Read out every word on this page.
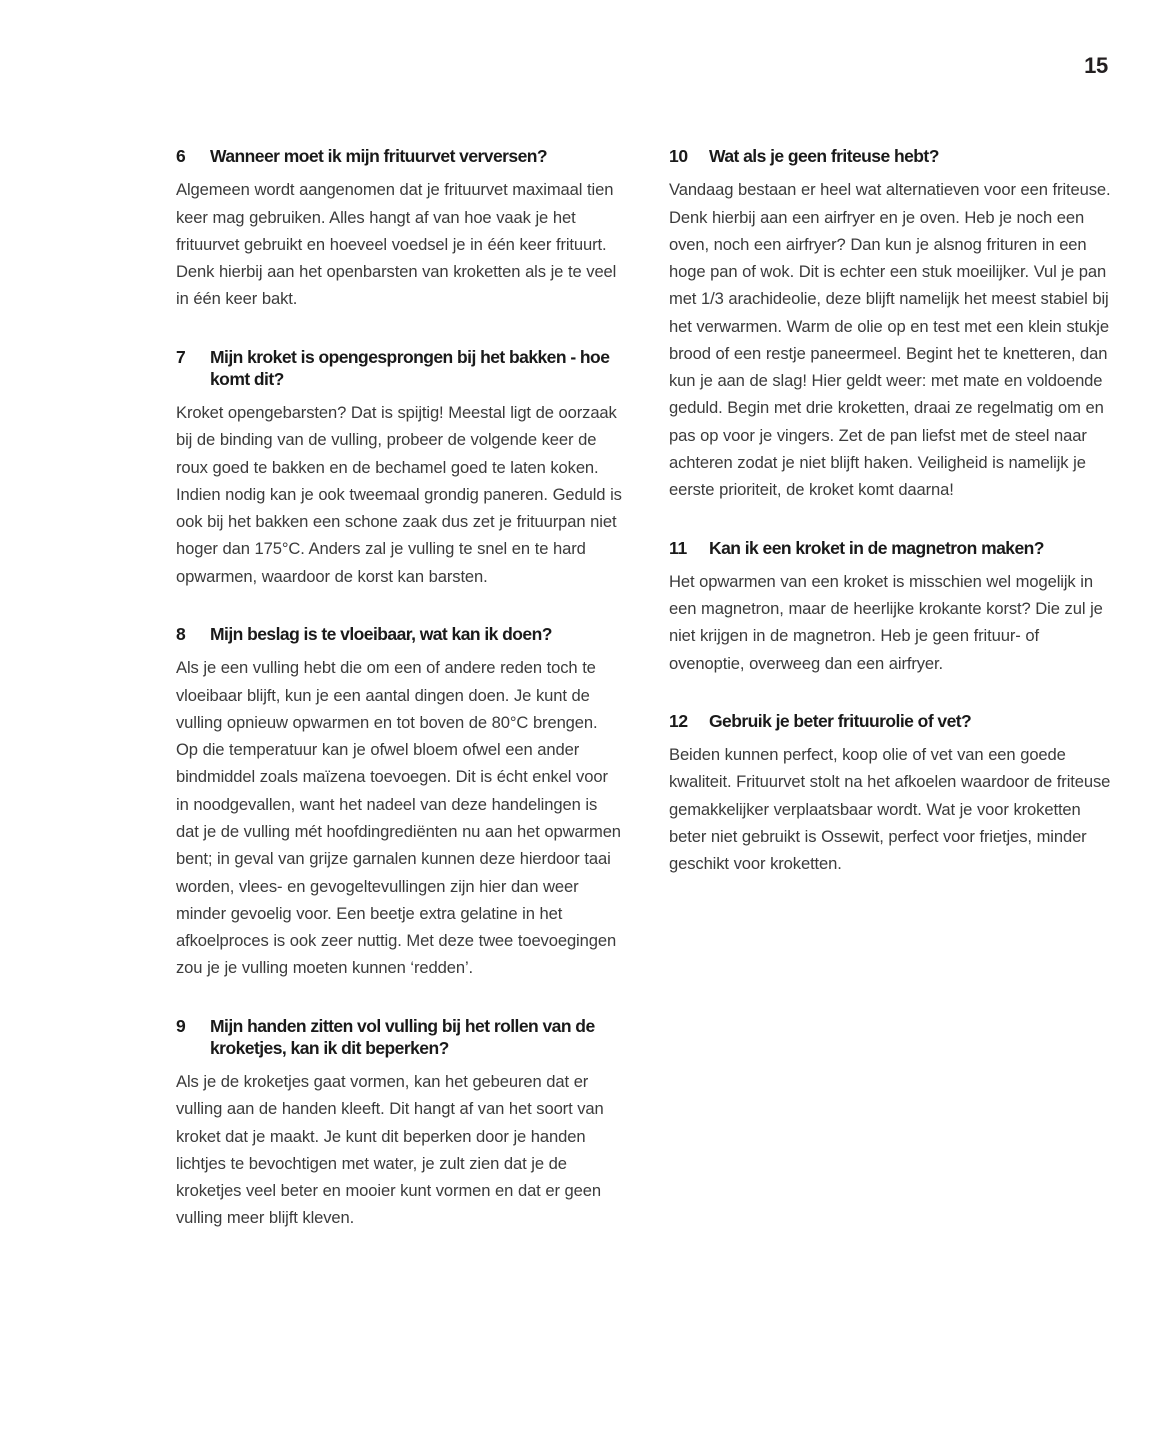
15
6	Wanneer moet ik mijn frituurvet verversen?

Algemeen wordt aangenomen dat je frituurvet maximaal tien keer mag gebruiken. Alles hangt af van hoe vaak je het frituurvet gebruikt en hoeveel voedsel je in één keer frituurt. Denk hierbij aan het openbarsten van kroketten als je te veel in één keer bakt.

7	Mijn kroket is opengesprongen bij het bakken - hoe komt dit?

Kroket opengebarsten? Dat is spijtig! Meestal ligt de oorzaak bij de binding van de vulling, probeer de volgende keer de roux goed te bakken en de bechamel goed te laten koken. Indien nodig kan je ook tweemaal grondig paneren. Geduld is ook bij het bakken een schone zaak dus zet je frituurpan niet hoger dan 175°C. Anders zal je vulling te snel en te hard opwarmen, waardoor de korst kan barsten.

8	Mijn beslag is te vloeibaar, wat kan ik doen?

Als je een vulling hebt die om een of andere reden toch te vloeibaar blijft, kun je een aantal dingen doen. Je kunt de vulling opnieuw opwarmen en tot boven de 80°C brengen. Op die temperatuur kan je ofwel bloem ofwel een ander bindmiddel zoals maïzena toevoegen. Dit is écht enkel voor in noodgevallen, want het nadeel van deze handelingen is dat je de vulling mét hoofdingrediënten nu aan het opwarmen bent; in geval van grijze garnalen kunnen deze hierdoor taai worden, vlees- en gevogeltevullingen zijn hier dan weer minder gevoelig voor. Een beetje extra gelatine in het afkoelproces is ook zeer nuttig. Met deze twee toevoegingen zou je je vulling moeten kunnen ‘redden’.

9	Mijn handen zitten vol vulling bij het rollen van de kroketjes, kan ik dit beperken?

Als je de kroketjes gaat vormen, kan het gebeuren dat er vulling aan de handen kleeft. Dit hangt af van het soort van kroket dat je maakt. Je kunt dit beperken door je handen lichtjes te bevochtigen met water, je zult zien dat je de kroketjes veel beter en mooier kunt vormen en dat er geen vulling meer blijft kleven.

10	Wat als je geen friteuse hebt?

Vandaag bestaan er heel wat alternatieven voor een friteuse. Denk hierbij aan een airfryer en je oven. Heb je noch een oven, noch een airfryer? Dan kun je alsnog frituren in een hoge pan of wok. Dit is echter een stuk moeilijker. Vul je pan met 1/3 arachideolie, deze blijft namelijk het meest stabiel bij het verwarmen. Warm de olie op en test met een klein stukje brood of een restje paneermeel. Begint het te knetteren, dan kun je aan de slag! Hier geldt weer: met mate en voldoende geduld. Begin met drie kroketten, draai ze regelmatig om en pas op voor je vingers. Zet de pan liefst met de steel naar achteren zodat je niet blijft haken. Veiligheid is namelijk je eerste prioriteit, de kroket komt daarna!

11	Kan ik een kroket in de magnetron maken?

Het opwarmen van een kroket is misschien wel mogelijk in een magnetron, maar de heerlijke krokante korst? Die zul je niet krijgen in de magnetron. Heb je geen frituur- of ovenoptie, overweeg dan een airfryer.

12	Gebruik je beter frituurolie of vet?

Beiden kunnen perfect, koop olie of vet van een goede kwaliteit. Frituurvet stolt na het afkoelen waardoor de friteuse gemakkelijker verplaatsbaar wordt. Wat je voor kroketten beter niet gebruikt is Ossewit, perfect voor frietjes, minder geschikt voor kroketten.
